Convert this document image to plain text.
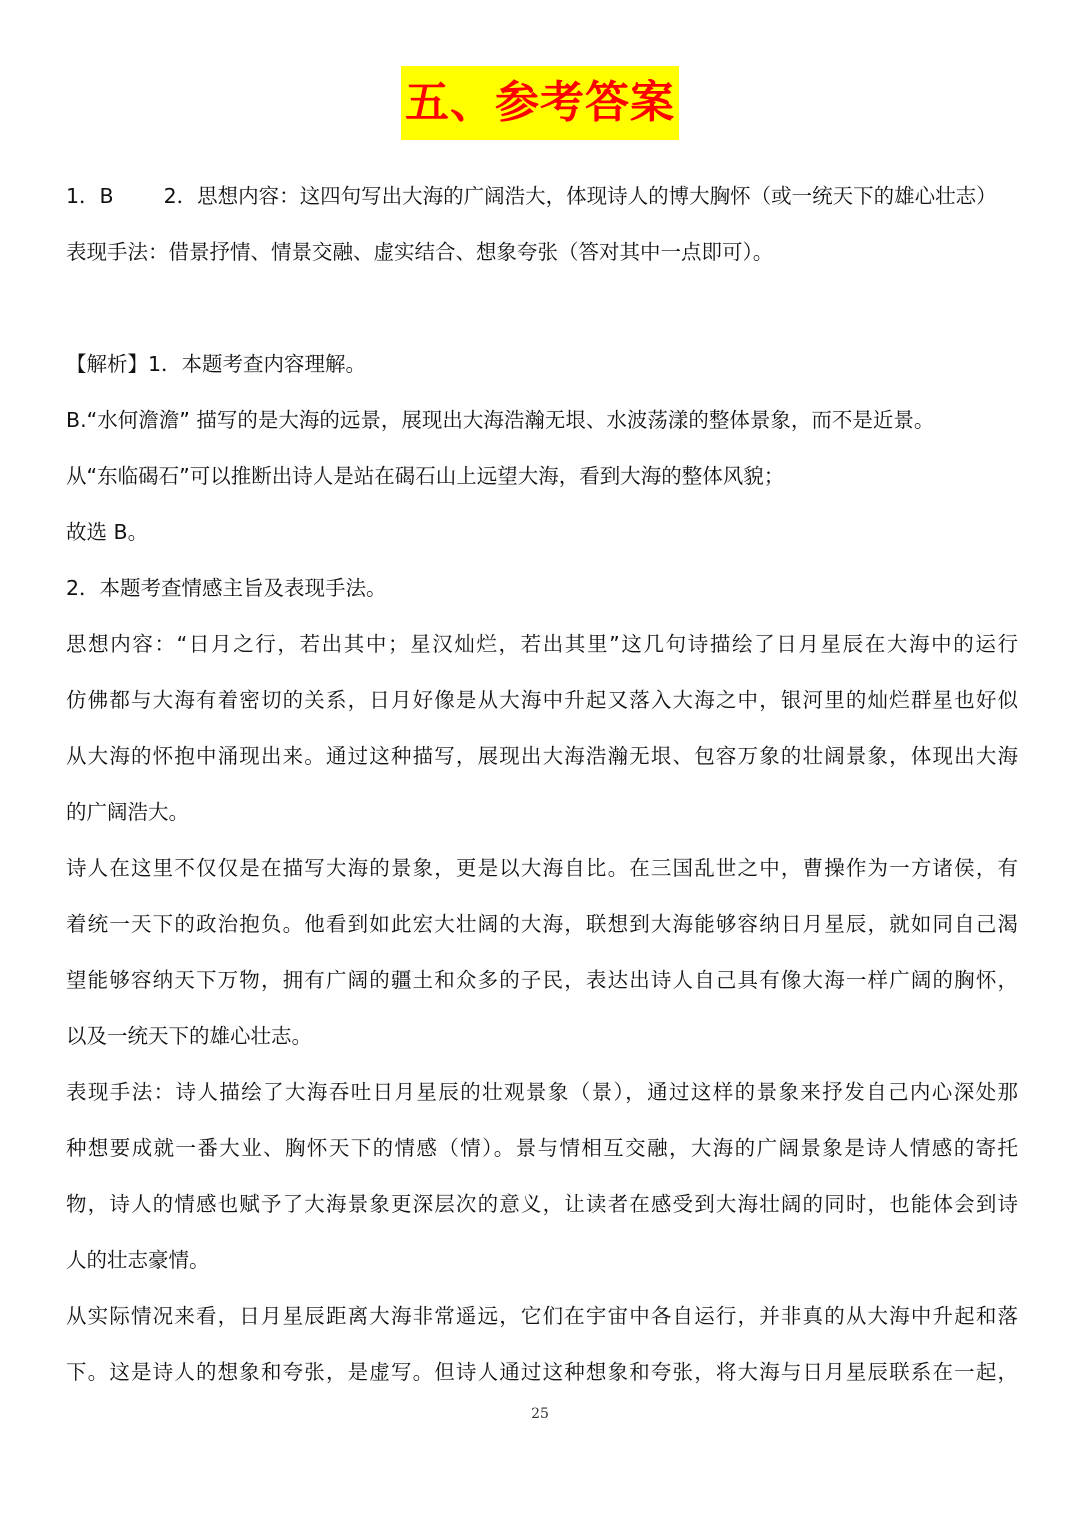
五、参考答案
1．B 2．思想内容：这四句写出大海的广阔浩大，体现诗人的博大胸怀（或一统天下的雄心壮志）
表现手法：借景抒情、情景交融、虚实结合、想象夸张（答对其中一点即可）。
【解析】1．本题考查内容理解。
B.“水何澹澹” 描写的是大海的远景，展现出大海浩瀚无垠、水波荡漾的整体景象，而不是近景。
从“东临碣石”可以推断出诗人是站在碣石山上远望大海，看到大海的整体风貌；
故选 B。
2．本题考查情感主旨及表现手法。
思想内容：“日月之行，若出其中；星汉灿烂，若出其里”这几句诗描绘了日月星辰在大海中的运行
仿佛都与大海有着密切的关系，日月好像是从大海中升起又落入大海之中，银河里的灿烂群星也好似
从大海的怀抱中涌现出来。通过这种描写，展现出大海浩瀚无垠、包容万象的壮阔景象，体现出大海
的广阔浩大。
诗人在这里不仅仅是在描写大海的景象，更是以大海自比。在三国乱世之中，曹操作为一方诸侯，有
着统一天下的政治抱负。他看到如此宏大壮阔的大海，联想到大海能够容纳日月星辰，就如同自己渴
望能够容纳天下万物，拥有广阔的疆土和众多的子民，表达出诗人自己具有像大海一样广阔的胸怀，
以及一统天下的雄心壮志。
表现手法：诗人描绘了大海吞吐日月星辰的壮观景象（景），通过这样的景象来抒发自己内心深处那
种想要成就一番大业、胸怀天下的情感（情）。景与情相互交融，大海的广阔景象是诗人情感的寄托
物，诗人的情感也赋予了大海景象更深层次的意义，让读者在感受到大海壮阔的同时，也能体会到诗
人的壮志豪情。
从实际情况来看，日月星辰距离大海非常遥远，它们在宇宙中各自运行，并非真的从大海中升起和落
下。这是诗人的想象和夸张，是虚写。但诗人通过这种想象和夸张，将大海与日月星辰联系在一起，
25
